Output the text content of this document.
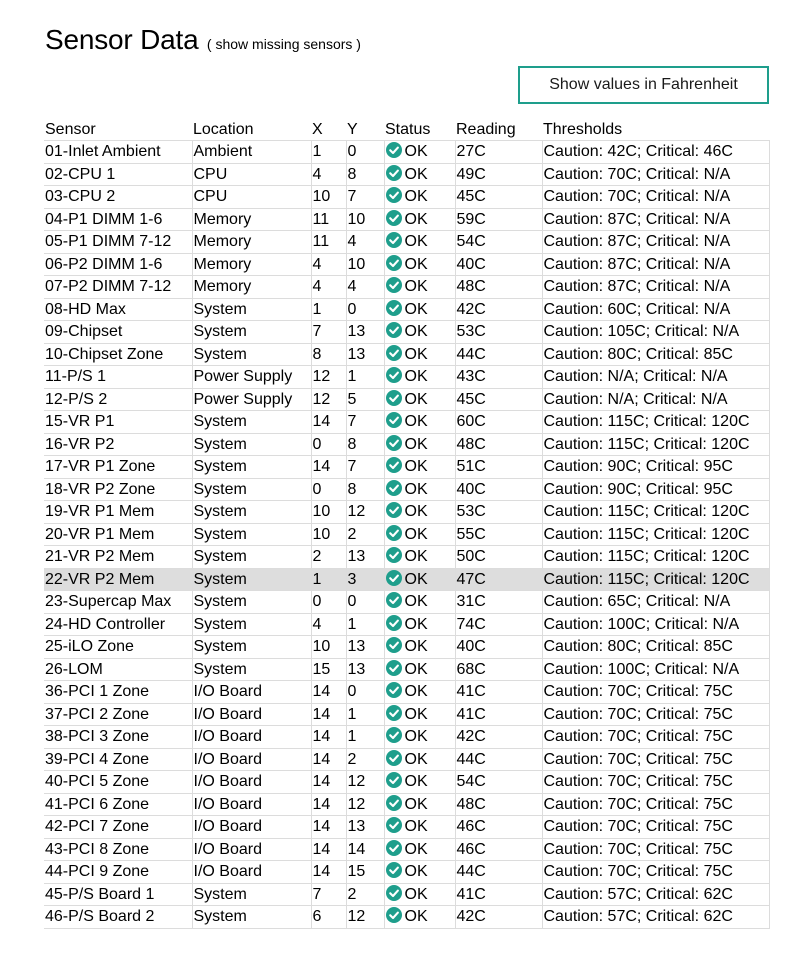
Sensor Data ( show missing sensors )
Show values in Fahrenheit
Sensor	Location	X	Y	Status	Reading	Thresholds
01-Inlet Ambient	Ambient	1	0	OK	27C	Caution: 42C; Critical: 46C
02-CPU 1	CPU	4	8	OK	49C	Caution: 70C; Critical: N/A
03-CPU 2	CPU	10	7	OK	45C	Caution: 70C; Critical: N/A
04-P1 DIMM 1-6	Memory	11	10	OK	59C	Caution: 87C; Critical: N/A
05-P1 DIMM 7-12	Memory	11	4	OK	54C	Caution: 87C; Critical: N/A
06-P2 DIMM 1-6	Memory	4	10	OK	40C	Caution: 87C; Critical: N/A
07-P2 DIMM 7-12	Memory	4	4	OK	48C	Caution: 87C; Critical: N/A
08-HD Max	System	1	0	OK	42C	Caution: 60C; Critical: N/A
09-Chipset	System	7	13	OK	53C	Caution: 105C; Critical: N/A
10-Chipset Zone	System	8	13	OK	44C	Caution: 80C; Critical: 85C
11-P/S 1	Power Supply	12	1	OK	43C	Caution: N/A; Critical: N/A
12-P/S 2	Power Supply	12	5	OK	45C	Caution: N/A; Critical: N/A
15-VR P1	System	14	7	OK	60C	Caution: 115C; Critical: 120C
16-VR P2	System	0	8	OK	48C	Caution: 115C; Critical: 120C
17-VR P1 Zone	System	14	7	OK	51C	Caution: 90C; Critical: 95C
18-VR P2 Zone	System	0	8	OK	40C	Caution: 90C; Critical: 95C
19-VR P1 Mem	System	10	12	OK	53C	Caution: 115C; Critical: 120C
20-VR P1 Mem	System	10	2	OK	55C	Caution: 115C; Critical: 120C
21-VR P2 Mem	System	2	13	OK	50C	Caution: 115C; Critical: 120C
22-VR P2 Mem	System	1	3	OK	47C	Caution: 115C; Critical: 120C
23-Supercap Max	System	0	0	OK	31C	Caution: 65C; Critical: N/A
24-HD Controller	System	4	1	OK	74C	Caution: 100C; Critical: N/A
25-iLO Zone	System	10	13	OK	40C	Caution: 80C; Critical: 85C
26-LOM	System	15	13	OK	68C	Caution: 100C; Critical: N/A
36-PCI 1 Zone	I/O Board	14	0	OK	41C	Caution: 70C; Critical: 75C
37-PCI 2 Zone	I/O Board	14	1	OK	41C	Caution: 70C; Critical: 75C
38-PCI 3 Zone	I/O Board	14	1	OK	42C	Caution: 70C; Critical: 75C
39-PCI 4 Zone	I/O Board	14	2	OK	44C	Caution: 70C; Critical: 75C
40-PCI 5 Zone	I/O Board	14	12	OK	54C	Caution: 70C; Critical: 75C
41-PCI 6 Zone	I/O Board	14	12	OK	48C	Caution: 70C; Critical: 75C
42-PCI 7 Zone	I/O Board	14	13	OK	46C	Caution: 70C; Critical: 75C
43-PCI 8 Zone	I/O Board	14	14	OK	46C	Caution: 70C; Critical: 75C
44-PCI 9 Zone	I/O Board	14	15	OK	44C	Caution: 70C; Critical: 75C
45-P/S Board 1	System	7	2	OK	41C	Caution: 57C; Critical: 62C
46-P/S Board 2	System	6	12	OK	42C	Caution: 57C; Critical: 62C
